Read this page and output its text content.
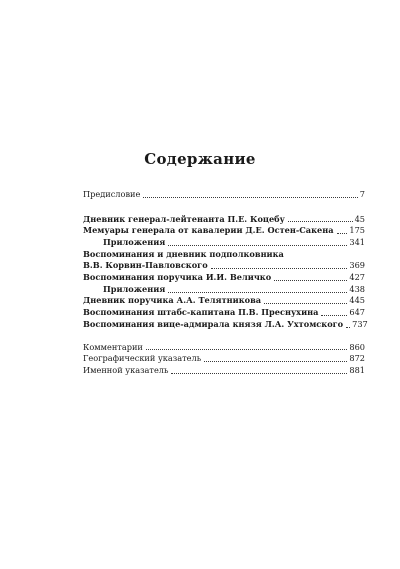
Содержание
Предисловие	7
Дневник генерал-лейтенанта П.Е. Коцебу	45
Мемуары генерала от кавалерии Д.Е. Остен-Сакена 175
Приложения	341
Воспоминания и дневник подполковника
В.В. Корвин-Павловского	369
Воспоминания поручика И.И. Величко	427
Приложения	438
Дневник поручика А.А. Телятникова	445
Воспоминания штабс-капитана П.В. Преснухина	647
Воспоминания вице-адмирала князя Л.А. Ухтомского 737
Комментарии	860
Географический указатель	872
Именной указатель	881
